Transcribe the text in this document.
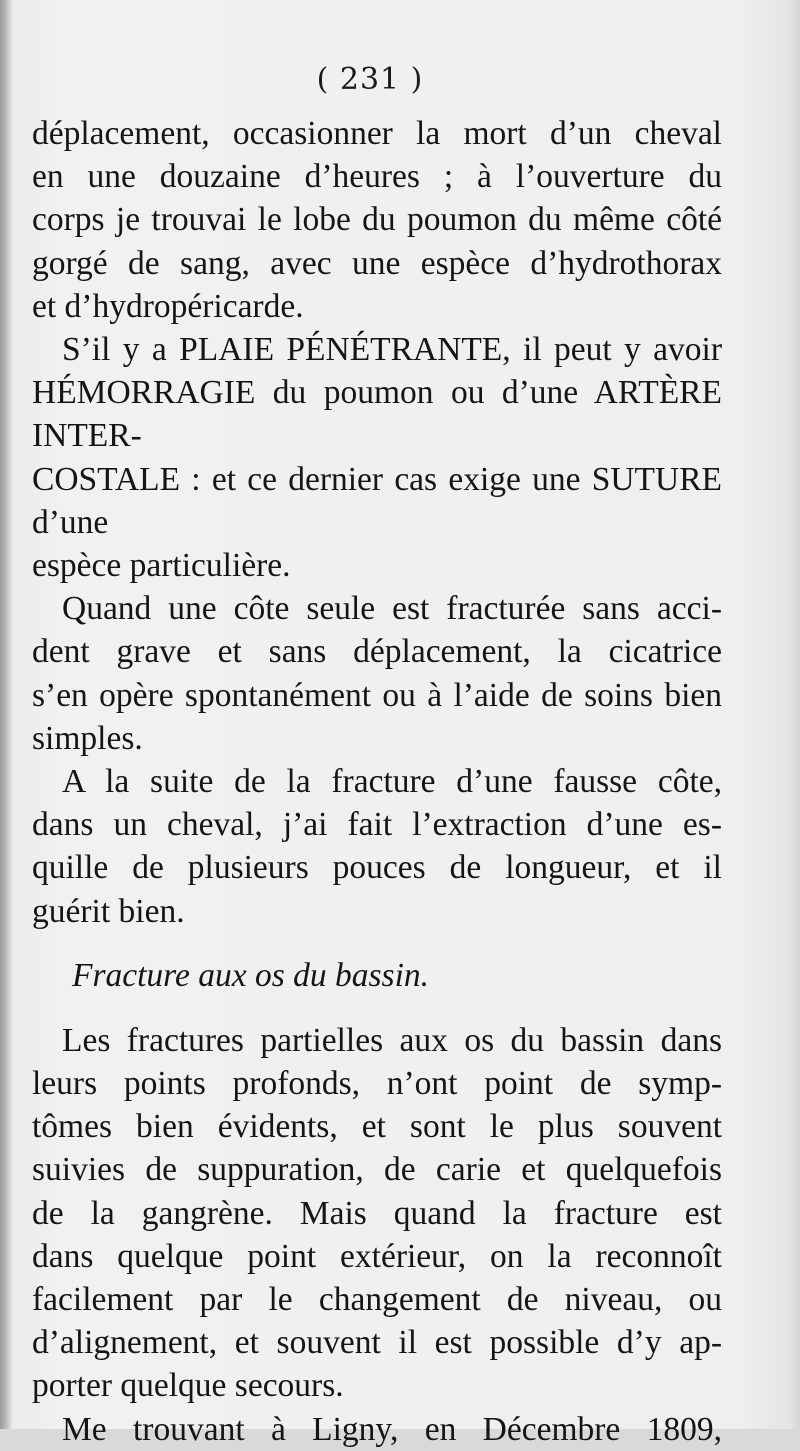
( 231 )

déplacement, occasionner la mort d’un cheval

en une douzaine d’heures ; à l’ouverture du

corps je trouvai le lobe du poumon du même côté

gorgé de sang, avec une espèce d’hydrothorax

et d’hydropéricarde.

S’il y a PLAIE PÉNÉTRANTE, il peut y avoir

HÉMORRAGIE du poumon ou d’une ARTÈRE INTER-

COSTALE : et ce dernier cas exige une SUTURE d’une

espèce particulière.

Quand une côte seule est fracturée sans acci-

dent grave et sans déplacement, la cicatrice

s’en opère spontanément ou à l’aide de soins bien

simples.

A la suite de la fracture d’une fausse côte,

dans un cheval, j’ai fait l’extraction d’une es-

quille de plusieurs pouces de longueur, et il

guérit bien.

Fracture aux os du bassin.

Les fractures partielles aux os du bassin dans

leurs points profonds, n’ont point de symp-

tômes bien évidents, et sont le plus souvent

suivies de suppuration, de carie et quelquefois

de la gangrène. Mais quand la fracture est

dans quelque point extérieur, on la reconnoît

facilement par le changement de niveau, ou

d’alignement, et souvent il est possible d’y ap-

porter quelque secours.

Me trouvant à Ligny, en Décembre 1809,
